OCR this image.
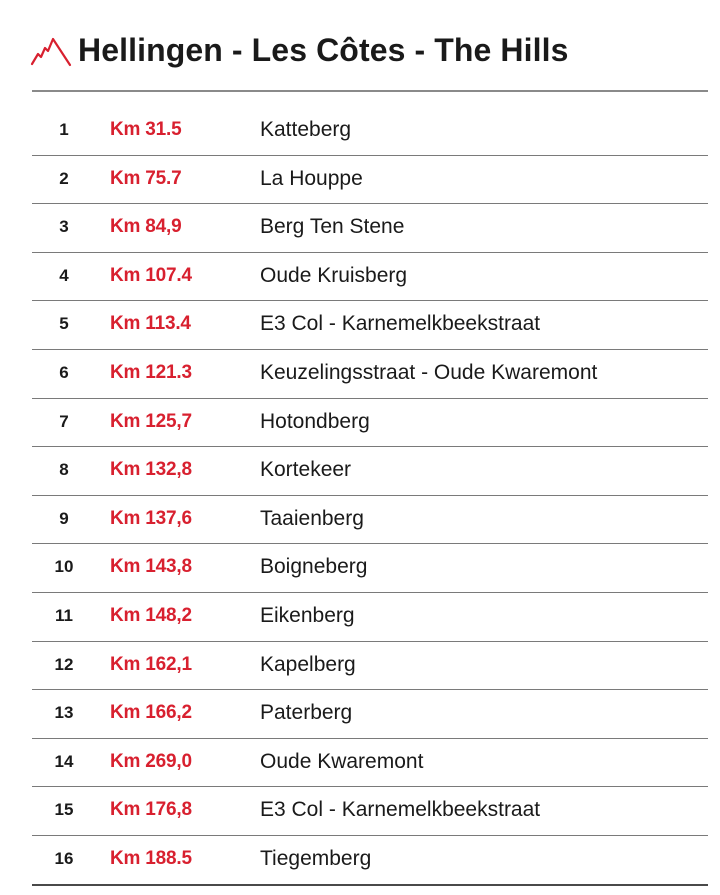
Hellingen - Les Côtes - The Hills
1	Km 31.5	Katteberg
2	Km 75.7	La Houppe
3	Km 84,9	Berg Ten Stene
4	Km 107.4	Oude Kruisberg
5	Km 113.4	E3 Col - Karnemelkbeekstraat
6	Km 121.3	Keuzelingsstraat - Oude Kwaremont
7	Km 125,7	Hotondberg
8	Km 132,8	Kortekeer
9	Km 137,6	Taaienberg
10	Km 143,8	Boigneberg
11	Km 148,2	Eikenberg
12	Km 162,1	Kapelberg
13	Km 166,2	Paterberg
14	Km 269,0	Oude Kwaremont
15	Km 176,8	E3 Col - Karnemelkbeekstraat
16	Km 188.5	Tiegemberg
